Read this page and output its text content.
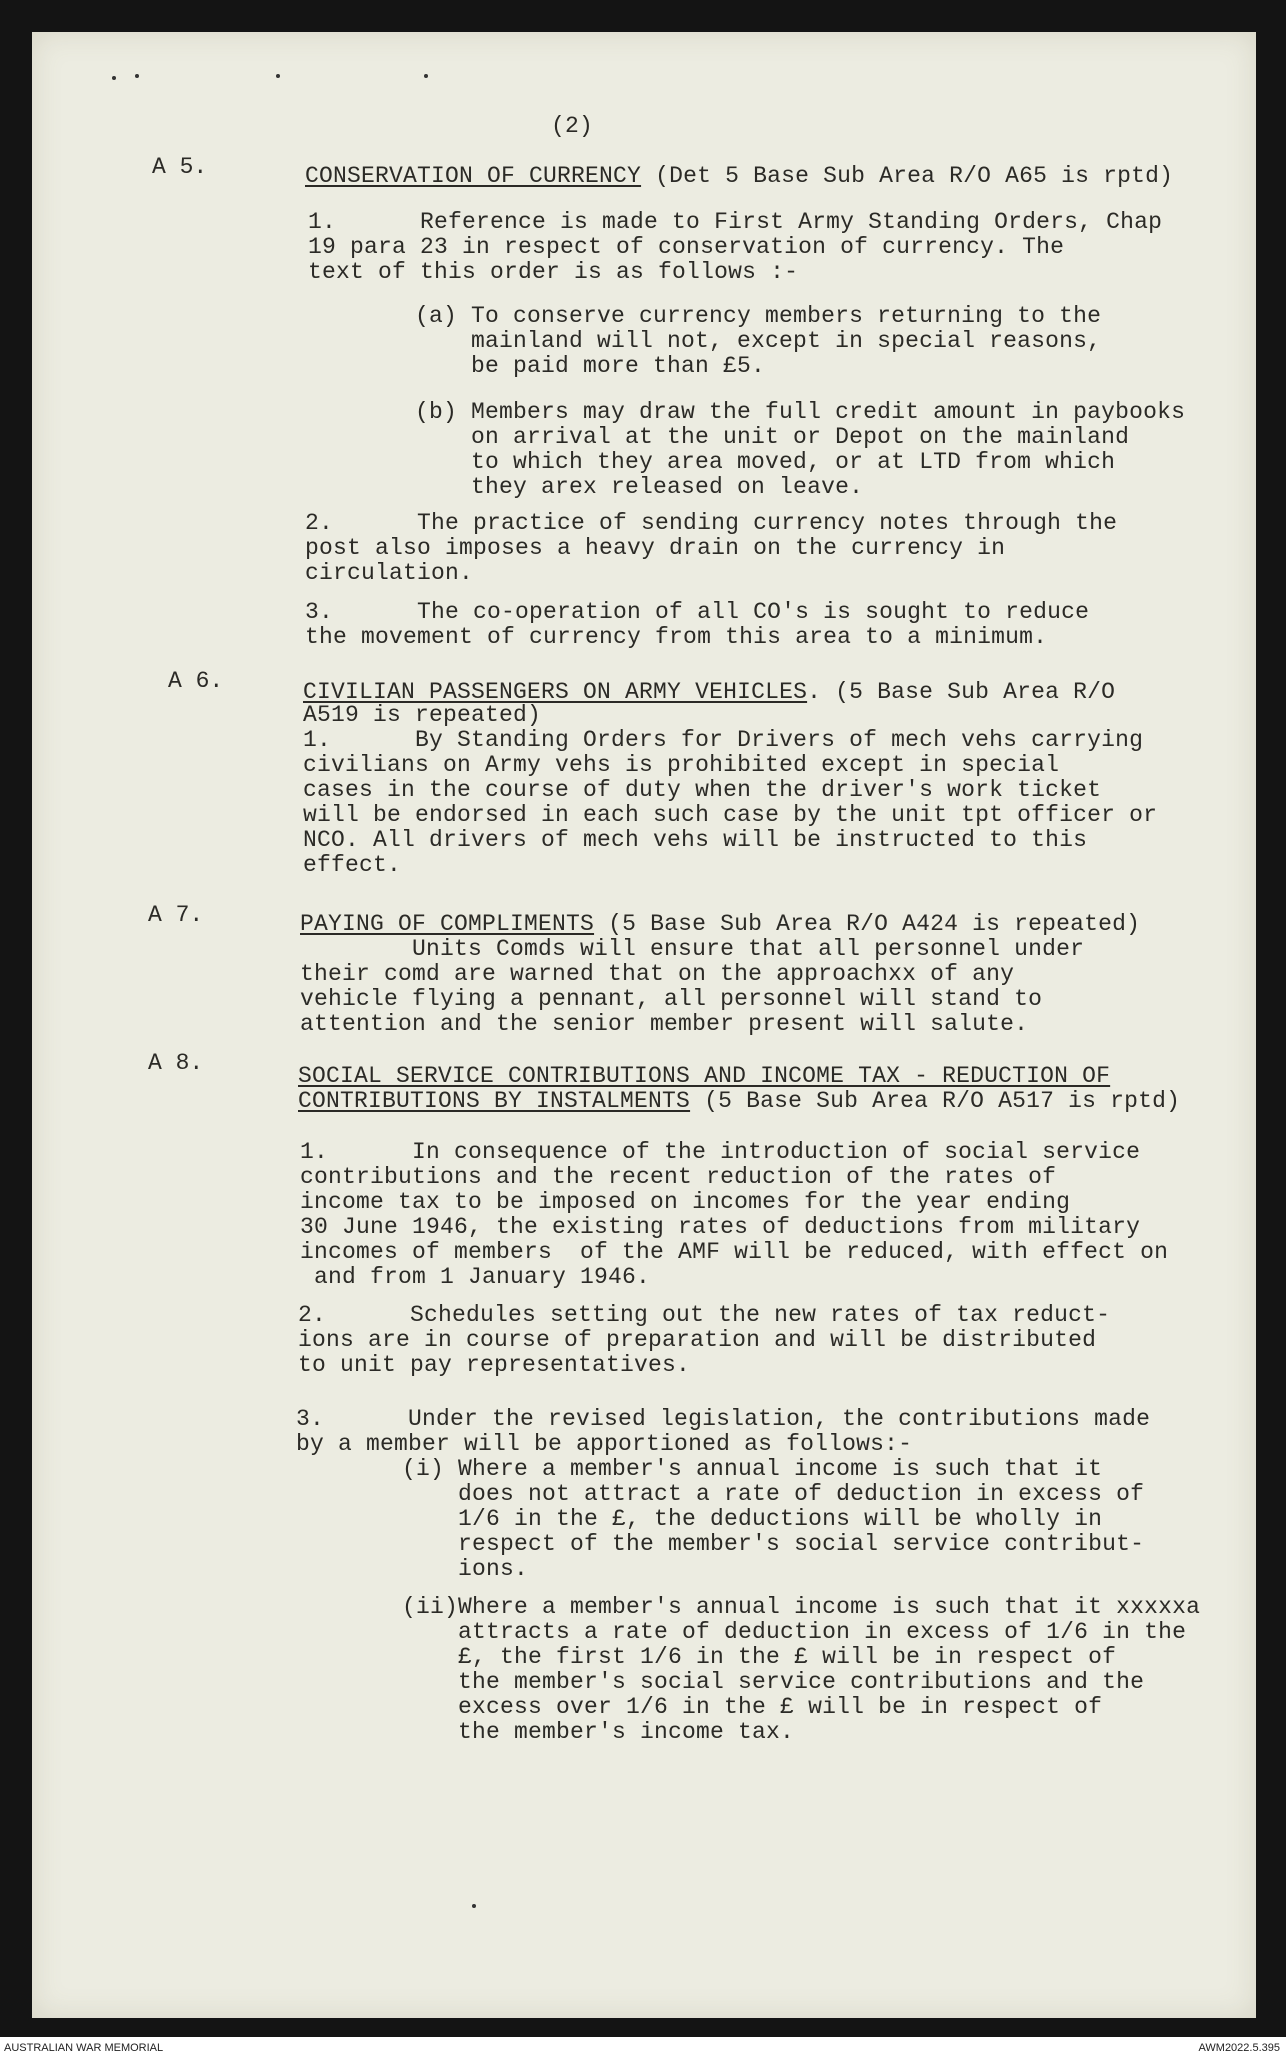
(2)
A 5.	CONSERVATION OF CURRENCY (Det 5 Base Sub Area R/O A65 is rptd)
1.      Reference is made to First Army Standing Orders, Chap
19 para 23 in respect of conservation of currency. The
text of this order is as follows :-
(a) To conserve currency members returning to the
mainland will not, except in special reasons,
be paid more than £5.
(b) Members may draw the full credit amount in paybooks
on arrival at the unit or Depot on the mainland
to which they area moved, or at LTD from which
they arex released on leave.
2.      The practice of sending currency notes through the
post also imposes a heavy drain on the currency in
circulation.
3.      The co-operation of all CO's is sought to reduce
the movement of currency from this area to a minimum.
A 6.	CIVILIAN PASSENGERS ON ARMY VEHICLES. (5 Base Sub Area R/O
A519 is repeated)
1.      By Standing Orders for Drivers of mech vehs carrying
civilians on Army vehs is prohibited except in special
cases in the course of duty when the driver's work ticket
will be endorsed in each such case by the unit tpt officer or
NCO. All drivers of mech vehs will be instructed to this
effect.
A 7.	PAYING OF COMPLIMENTS (5 Base Sub Area R/O A424 is repeated)
Units Comds will ensure that all personnel under
their comd are warned that on the approachxx of any
vehicle flying a pennant, all personnel will stand to
attention and the senior member present will salute.
A 8.	SOCIAL SERVICE CONTRIBUTIONS AND INCOME TAX - REDUCTION OF
CONTRIBUTIONS BY INSTALMENTS (5 Base Sub Area R/O A517 is rptd)
1.      In consequence of the introduction of social service
contributions and the recent reduction of the rates of
income tax to be imposed on incomes for the year ending
30 June 1946, the existing rates of deductions from military
incomes of members  of the AMF will be reduced, with effect on
and from 1 January 1946.
2.      Schedules setting out the new rates of tax reduct-
ions are in course of preparation and will be distributed
to unit pay representatives.
3.      Under the revised legislation, the contributions made
by a member will be apportioned as follows:-
(i) Where a member's annual income is such that it
does not attract a rate of deduction in excess of
1/6 in the £, the deductions will be wholly in
respect of the member's social service contribut-
ions.
(ii)Where a member's annual income is such that it xxxxxa
attracts a rate of deduction in excess of 1/6 in the
£, the first 1/6 in the £ will be in respect of
the member's social service contributions and the
excess over 1/6 in the £ will be in respect of
the member's income tax.
AUSTRALIAN WAR MEMORIAL	AWM2022.5.395
